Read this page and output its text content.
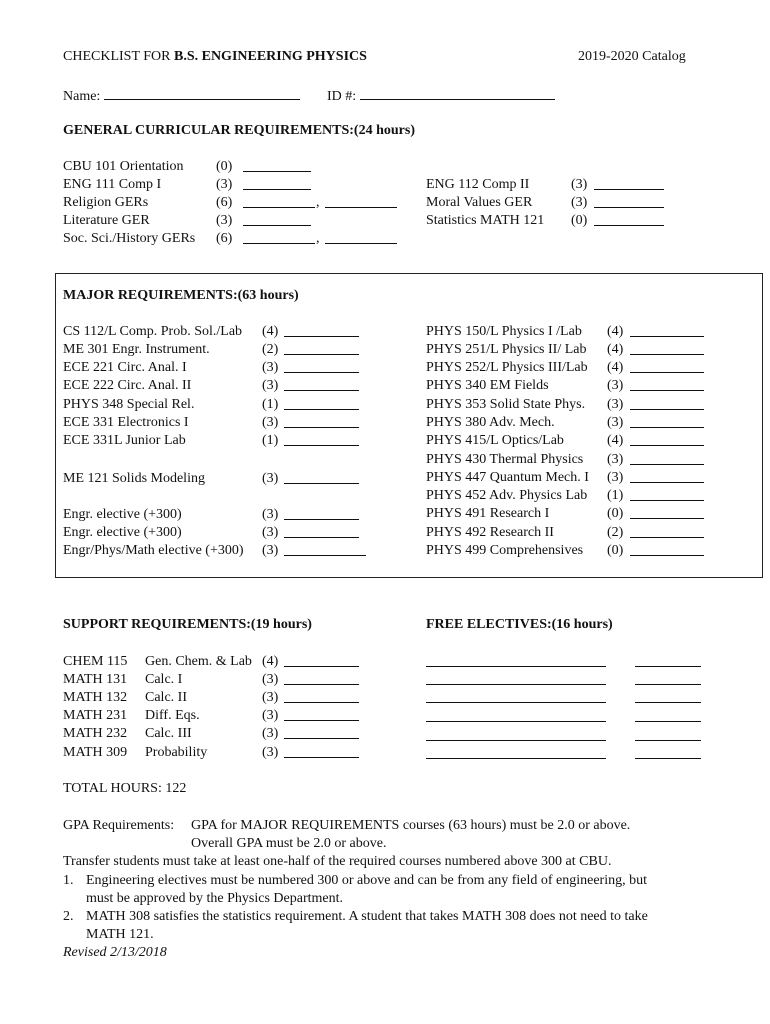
CHECKLIST FOR B.S. ENGINEERING PHYSICS	2019-2020 Catalog
Name:	ID #:
GENERAL CURRICULAR REQUIREMENTS:(24 hours)
CBU 101 Orientation (0)
ENG 111 Comp I	(3)
Religion GERs	(6)	,
Literature GER	(3)
Soc. Sci./History GERs (6)	,
ENG 112 Comp II	(3)
Moral Values GER	(3)
Statistics MATH 121 (0)
MAJOR REQUIREMENTS:(63 hours)
CS 112/L Comp. Prob. Sol./Lab (4)
ME 301 Engr. Instrument.	(2)
ECE 221 Circ. Anal. I	(3)
ECE 222 Circ. Anal. II	(3)
PHYS 348 Special Rel.	(1)
ECE 331 Electronics I	(3)
ECE 331L Junior Lab	(1)
ME 121 Solids Modeling	(3)
Engr. elective (+300)	(3)
Engr. elective (+300)	(3)
Engr/Phys/Math elective (+300) (3)
PHYS 150/L Physics I /Lab (4)
PHYS 251/L Physics II/ Lab (4)
PHYS 252/L Physics III/Lab (4)
PHYS 340 EM Fields	(3)
PHYS 353 Solid State Phys. (3)
PHYS 380 Adv. Mech.	(3)
PHYS 415/L Optics/Lab	(4)
PHYS 430 Thermal Physics (3)
PHYS 447 Quantum Mech. I (3)
PHYS 452 Adv. Physics Lab (1)
PHYS 491 Research I	(0)
PHYS 492 Research II	(2)
PHYS 499 Comprehensives (0)
SUPPORT REQUIREMENTS:(19 hours)
CHEM 115 Gen. Chem. & Lab (4)
MATH 131 Calc. I	(3)
MATH 132 Calc. II	(3)
MATH 231 Diff. Eqs.	(3)
MATH 232 Calc. III	(3)
MATH 309 Probability	(3)
FREE ELECTIVES:(16 hours)
TOTAL HOURS: 122
GPA Requirements: GPA for MAJOR REQUIREMENTS courses (63 hours) must be 2.0 or above.
Overall GPA must be 2.0 or above.
Transfer students must take at least one-half of the required courses numbered above 300 at CBU.
1. Engineering electives must be numbered 300 or above and can be from any field of engineering, but
must be approved by the Physics Department.
2. MATH 308 satisfies the statistics requirement. A student that takes MATH 308 does not need to take
MATH 121.
Revised 2/13/2018
